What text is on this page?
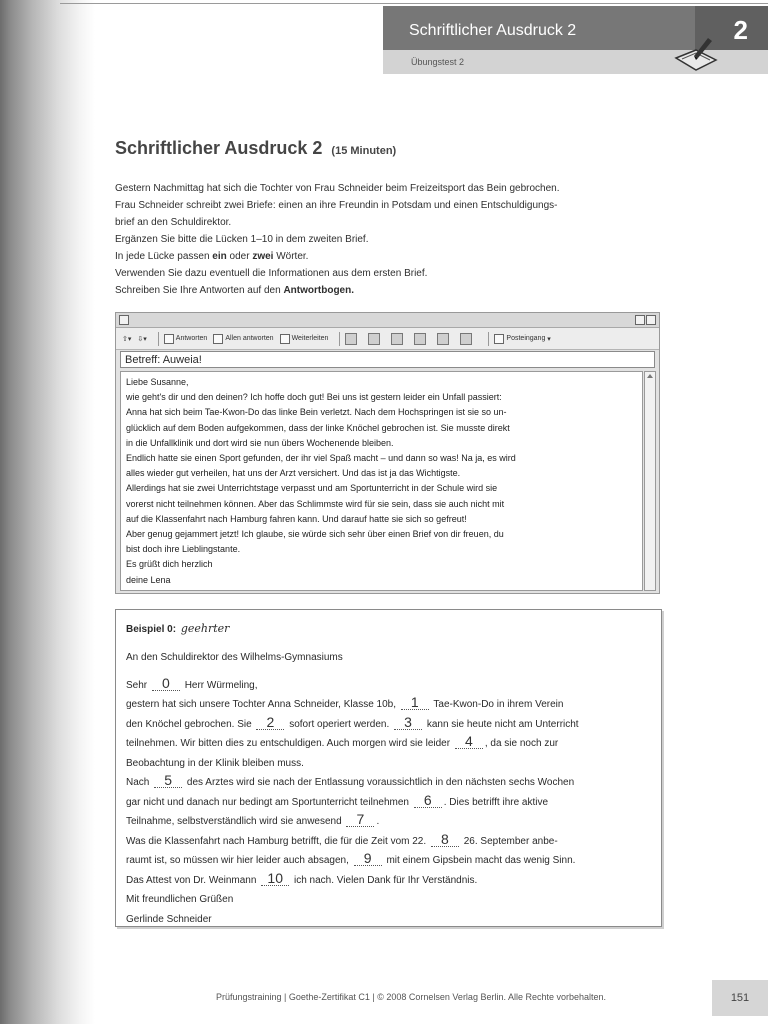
Schriftlicher Ausdruck 2	2
Übungstest 2
Schriftlicher Ausdruck 2 (15 Minuten)

Gestern Nachmittag hat sich die Tochter von Frau Schneider beim Freizeitsport das Bein gebrochen.

Frau Schneider schreibt zwei Briefe: einen an ihre Freundin in Potsdam und einen Entschuldigungs-

brief an den Schuldirektor.

Ergänzen Sie bitte die Lücken 1–10 in dem zweiten Brief.

In jede Lücke passen ein oder zwei Wörter.

Verwenden Sie dazu eventuell die Informationen aus dem ersten Brief.

Schreiben Sie Ihre Antworten auf den Antwortbogen.

⇧▾ ⇩▾	Antworten	Allen antworten	Weiterleiten	Posteingang ▾
Betreff: Auweia!

Liebe Susanne,

wie geht's dir und den deinen? Ich hoffe doch gut! Bei uns ist gestern leider ein Unfall passiert:

Anna hat sich beim Tae-Kwon-Do das linke Bein verletzt. Nach dem Hochspringen ist sie so un-

glücklich auf dem Boden aufgekommen, dass der linke Knöchel gebrochen ist. Sie musste direkt

in die Unfallklinik und dort wird sie nun übers Wochenende bleiben.

Endlich hatte sie einen Sport gefunden, der ihr viel Spaß macht – und dann so was! Na ja, es wird

alles wieder gut verheilen, hat uns der Arzt versichert. Und das ist ja das Wichtigste.

Allerdings hat sie zwei Unterrichtstage verpasst und am Sportunterricht in der Schule wird sie

vorerst nicht teilnehmen können. Aber das Schlimmste wird für sie sein, dass sie auch nicht mit

auf die Klassenfahrt nach Hamburg fahren kann. Und darauf hatte sie sich so gefreut!

Aber genug gejammert jetzt! Ich glaube, sie würde sich sehr über einen Brief von dir freuen, du

bist doch ihre Lieblingstante.

Es grüßt dich herzlich

deine Lena

Beispiel 0: geehrter
An den Schuldirektor des Wilhelms-Gymnasiums
Sehr 0 Herr Würmeling,
gestern hat sich unsere Tochter Anna Schneider, Klasse 10b, 1 Tae-Kwon-Do in ihrem Verein
den Knöchel gebrochen. Sie 2 sofort operiert werden. 3 kann sie heute nicht am Unterricht
teilnehmen. Wir bitten dies zu entschuldigen. Auch morgen wird sie leider 4 , da sie noch zur
Beobachtung in der Klinik bleiben muss.
Nach 5 des Arztes wird sie nach der Entlassung voraussichtlich in den nächsten sechs Wochen
gar nicht und danach nur bedingt am Sportunterricht teilnehmen 6 . Dies betrifft ihre aktive
Teilnahme, selbstverständlich wird sie anwesend 7 .
Was die Klassenfahrt nach Hamburg betrifft, die für die Zeit vom 22. 8 26. September anbe-
raumt ist, so müssen wir hier leider auch absagen, 9 mit einem Gipsbein macht das wenig Sinn.
Das Attest von Dr. Weinmann 10 ich nach. Vielen Dank für Ihr Verständnis.
Mit freundlichen Grüßen
Gerlinde Schneider
Prüfungstraining | Goethe-Zertifikat C1 | © 2008 Cornelsen Verlag Berlin. Alle Rechte vorbehalten.	151
